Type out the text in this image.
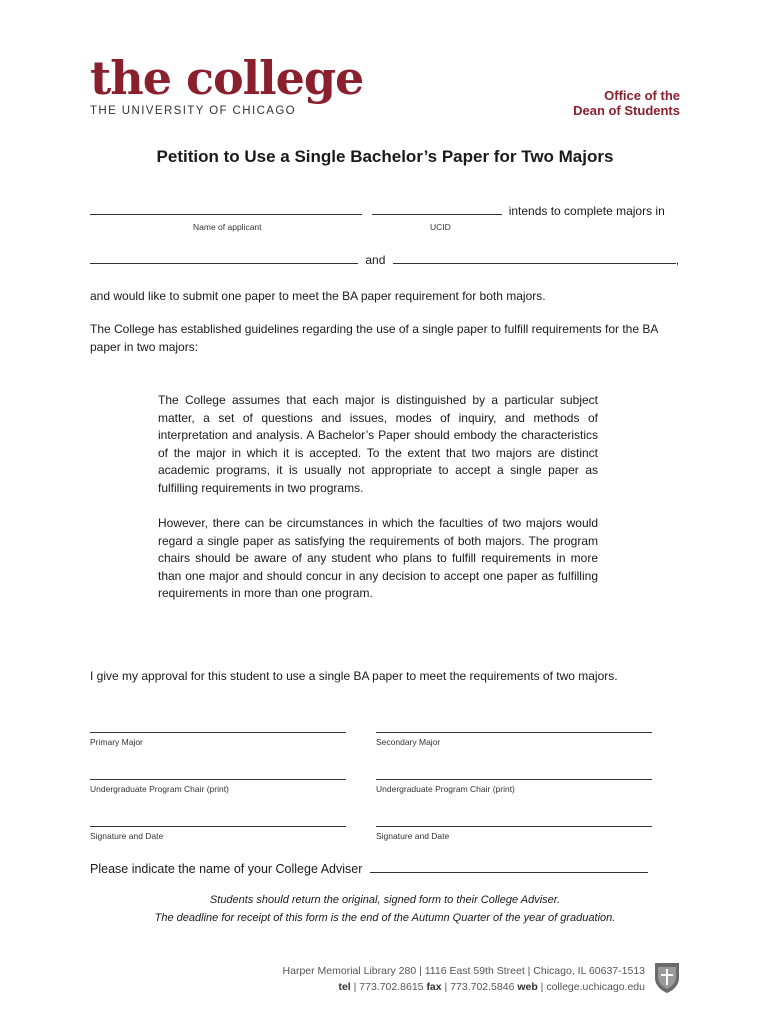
the college
THE UNIVERSITY OF CHICAGO
Office of the
Dean of Students
Petition to Use a Single Bachelor’s Paper for Two Majors
intends to complete majors in
Name of applicant	UCID
and	,
and would like to submit one paper to meet the BA paper requirement for both majors.
The College has established guidelines regarding the use of a single paper to fulfill requirements for the BA paper in two majors:
The College assumes that each major is distinguished by a particular subject matter, a set of questions and issues, modes of inquiry, and methods of interpretation and analysis. A Bachelor’s Paper should embody the characteristics of the major in which it is accepted. To the extent that two majors are distinct academic programs, it is usually not appropriate to accept a single paper as fulfilling requirements in two programs.
However, there can be circumstances in which the faculties of two majors would regard a single paper as satisfying the requirements of both majors. The program chairs should be aware of any student who plans to fulfill requirements in more than one major and should concur in any decision to accept one paper as fulfilling requirements in more than one program.
I give my approval for this student to use a single BA paper to meet the requirements of two majors.
Primary Major	Secondary Major
Undergraduate Program Chair (print)	Undergraduate Program Chair (print)
Signature and Date	Signature and Date
Please indicate the name of your College Adviser
Students should return the original, signed form to their College Adviser.
The deadline for receipt of this form is the end of the Autumn Quarter of the year of graduation.
Harper Memorial Library 280 | 1116 East 59th Street | Chicago, IL 60637-1513
tel | 773.702.8615 fax | 773.702.5846 web | college.uchicago.edu
